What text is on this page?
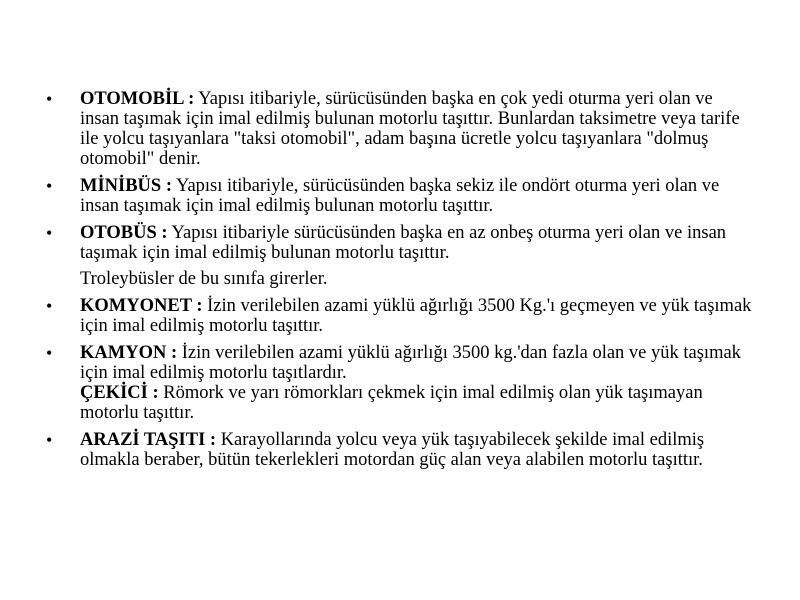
• OTOMOBİL : Yapısı itibariyle, sürücüsünden başka en çok yedi oturma yeri olan ve insan taşımak için imal edilmiş bulunan motorlu taşıttır. Bunlardan taksimetre veya tarife ile yolcu taşıyanlara "taksi otomobil", adam başına ücretle yolcu taşıyanlara "dolmuş otomobil" denir.
• MİNİBÜS : Yapısı itibariyle, sürücüsünden başka sekiz ile ondört oturma yeri olan ve insan taşımak için imal edilmiş bulunan motorlu taşıttır.
• OTOBÜS : Yapısı itibariyle sürücüsünden başka en az onbeş oturma yeri olan ve insan taşımak için imal edilmiş bulunan motorlu taşıttır.
Troleybüsler de bu sınıfa girerler.
• KOMYONET : İzin verilebilen azami yüklü ağırlığı 3500 Kg.'ı geçmeyen ve yük taşımak için imal edilmiş motorlu taşıttır.
• KAMYON : İzin verilebilen azami yüklü ağırlığı 3500 kg.'dan fazla olan ve yük taşımak için imal edilmiş motorlu taşıtlardır.
ÇEKİCİ : Römork ve yarı römorkları çekmek için imal edilmiş olan yük taşımayan motorlu taşıttır.
• ARAZİ TAŞITI : Karayollarında yolcu veya yük taşıyabilecek şekilde imal edilmiş olmakla beraber, bütün tekerlekleri motordan güç alan veya alabilen motorlu taşıttır.
